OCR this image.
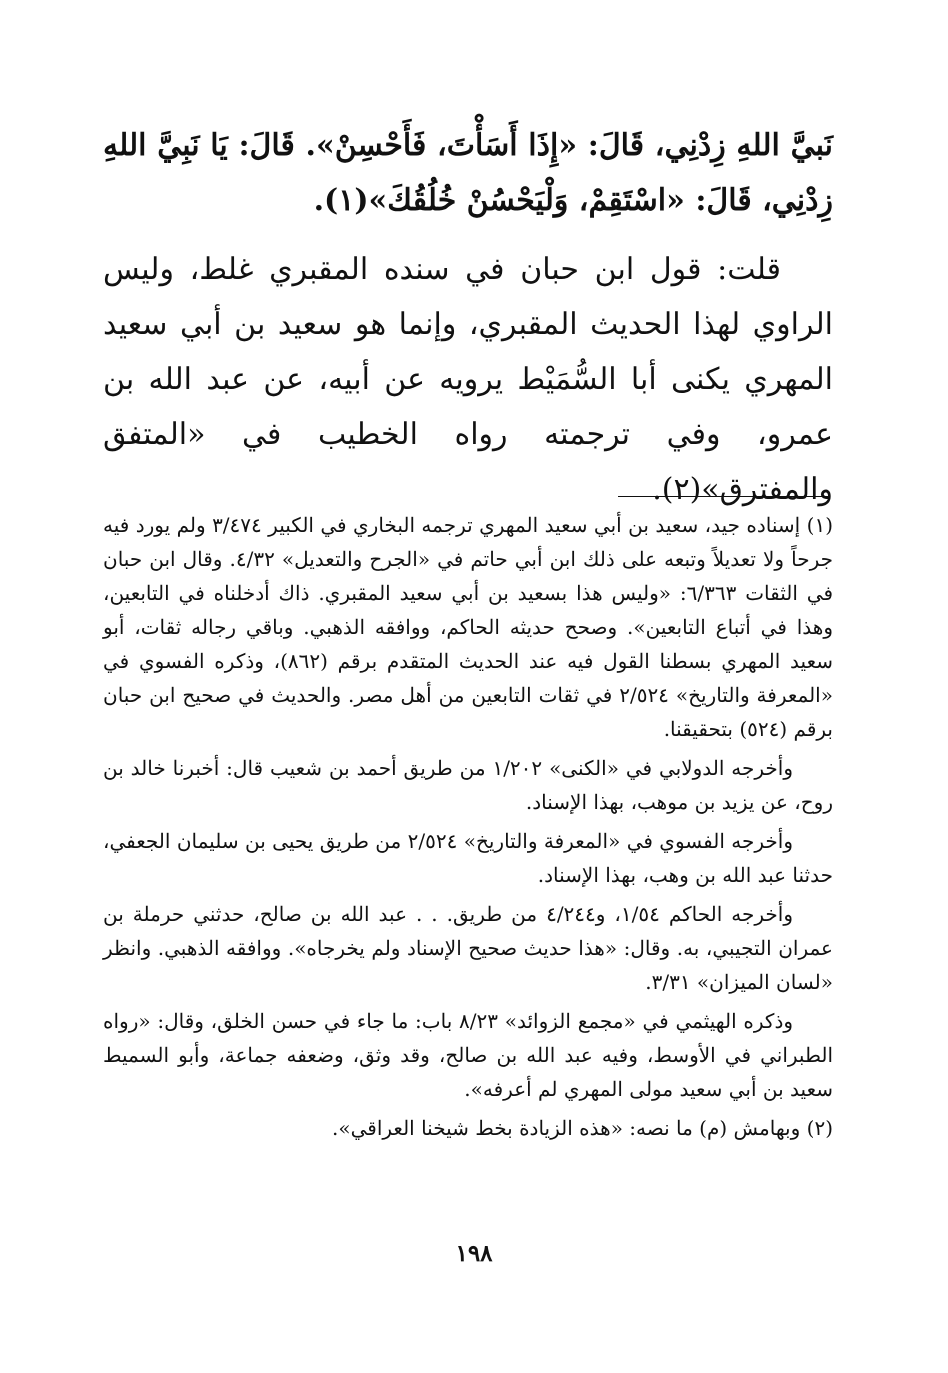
نَبيَّ اللهِ زِدْنِي، قَالَ: «إِذَا أَسَأْتَ، فَأَحْسِنْ». قَالَ: يَا نَبِيَّ اللهِ زِدْنِي، قَالَ: «اسْتَقِمْ، وَلْيَحْسُنْ خُلُقُكَ»(١).

قلت: قول ابن حبان في سنده المقبري غلط، وليس الراوي لهذا الحديث المقبري، وإنما هو سعيد بن أبي سعيد المهري يكنى أبا السُّمَيْط يرويه عن أبيه، عن عبد الله بن عمرو، وفي ترجمته رواه الخطيب في «المتفق والمفترق»(٢).

(١) إسناده جيد، سعيد بن أبي سعيد المهري ترجمه البخاري في الكبير ٣/٤٧٤ ولم يورد فيه جرحاً ولا تعديلاً وتبعه على ذلك ابن أبي حاتم في «الجرح والتعديل» ٤/٣٢. وقال ابن حبان في الثقات ٦/٣٦٣: «وليس هذا بسعيد بن أبي سعيد المقبري. ذاك أدخلناه في التابعين، وهذا في أتباع التابعين». وصحح حديثه الحاكم، ووافقه الذهبي. وباقي رجاله ثقات، أبو سعيد المهري بسطنا القول فيه عند الحديث المتقدم برقم (٨٦٢)، وذكره الفسوي في «المعرفة والتاريخ» ٢/٥٢٤ في ثقات التابعين من أهل مصر. والحديث في صحيح ابن حبان برقم (٥٢٤) بتحقيقنا.

وأخرجه الدولابي في «الكنى» ١/٢٠٢ من طريق أحمد بن شعيب قال: أخبرنا خالد بن روح، عن يزيد بن موهب، بهذا الإسناد.

وأخرجه الفسوي في «المعرفة والتاريخ» ٢/٥٢٤ من طريق يحيى بن سليمان الجعفي، حدثنا عبد الله بن وهب، بهذا الإسناد.

وأخرجه الحاكم ١/٥٤، و٤/٢٤٤ من طريق. . . عبد الله بن صالح، حدثني حرملة بن عمران التجيبي، به. وقال: «هذا حديث صحيح الإسناد ولم يخرجاه». ووافقه الذهبي. وانظر «لسان الميزان» ٣/٣١.

وذكره الهيثمي في «مجمع الزوائد» ٨/٢٣ باب: ما جاء في حسن الخلق، وقال: «رواه الطبراني في الأوسط، وفيه عبد الله بن صالح، وقد وثق، وضعفه جماعة، وأبو السميط سعيد بن أبي سعيد مولى المهري لم أعرفه».

(٢) وبهامش (م) ما نصه: «هذه الزيادة بخط شيخنا العراقي».

١٩٨
